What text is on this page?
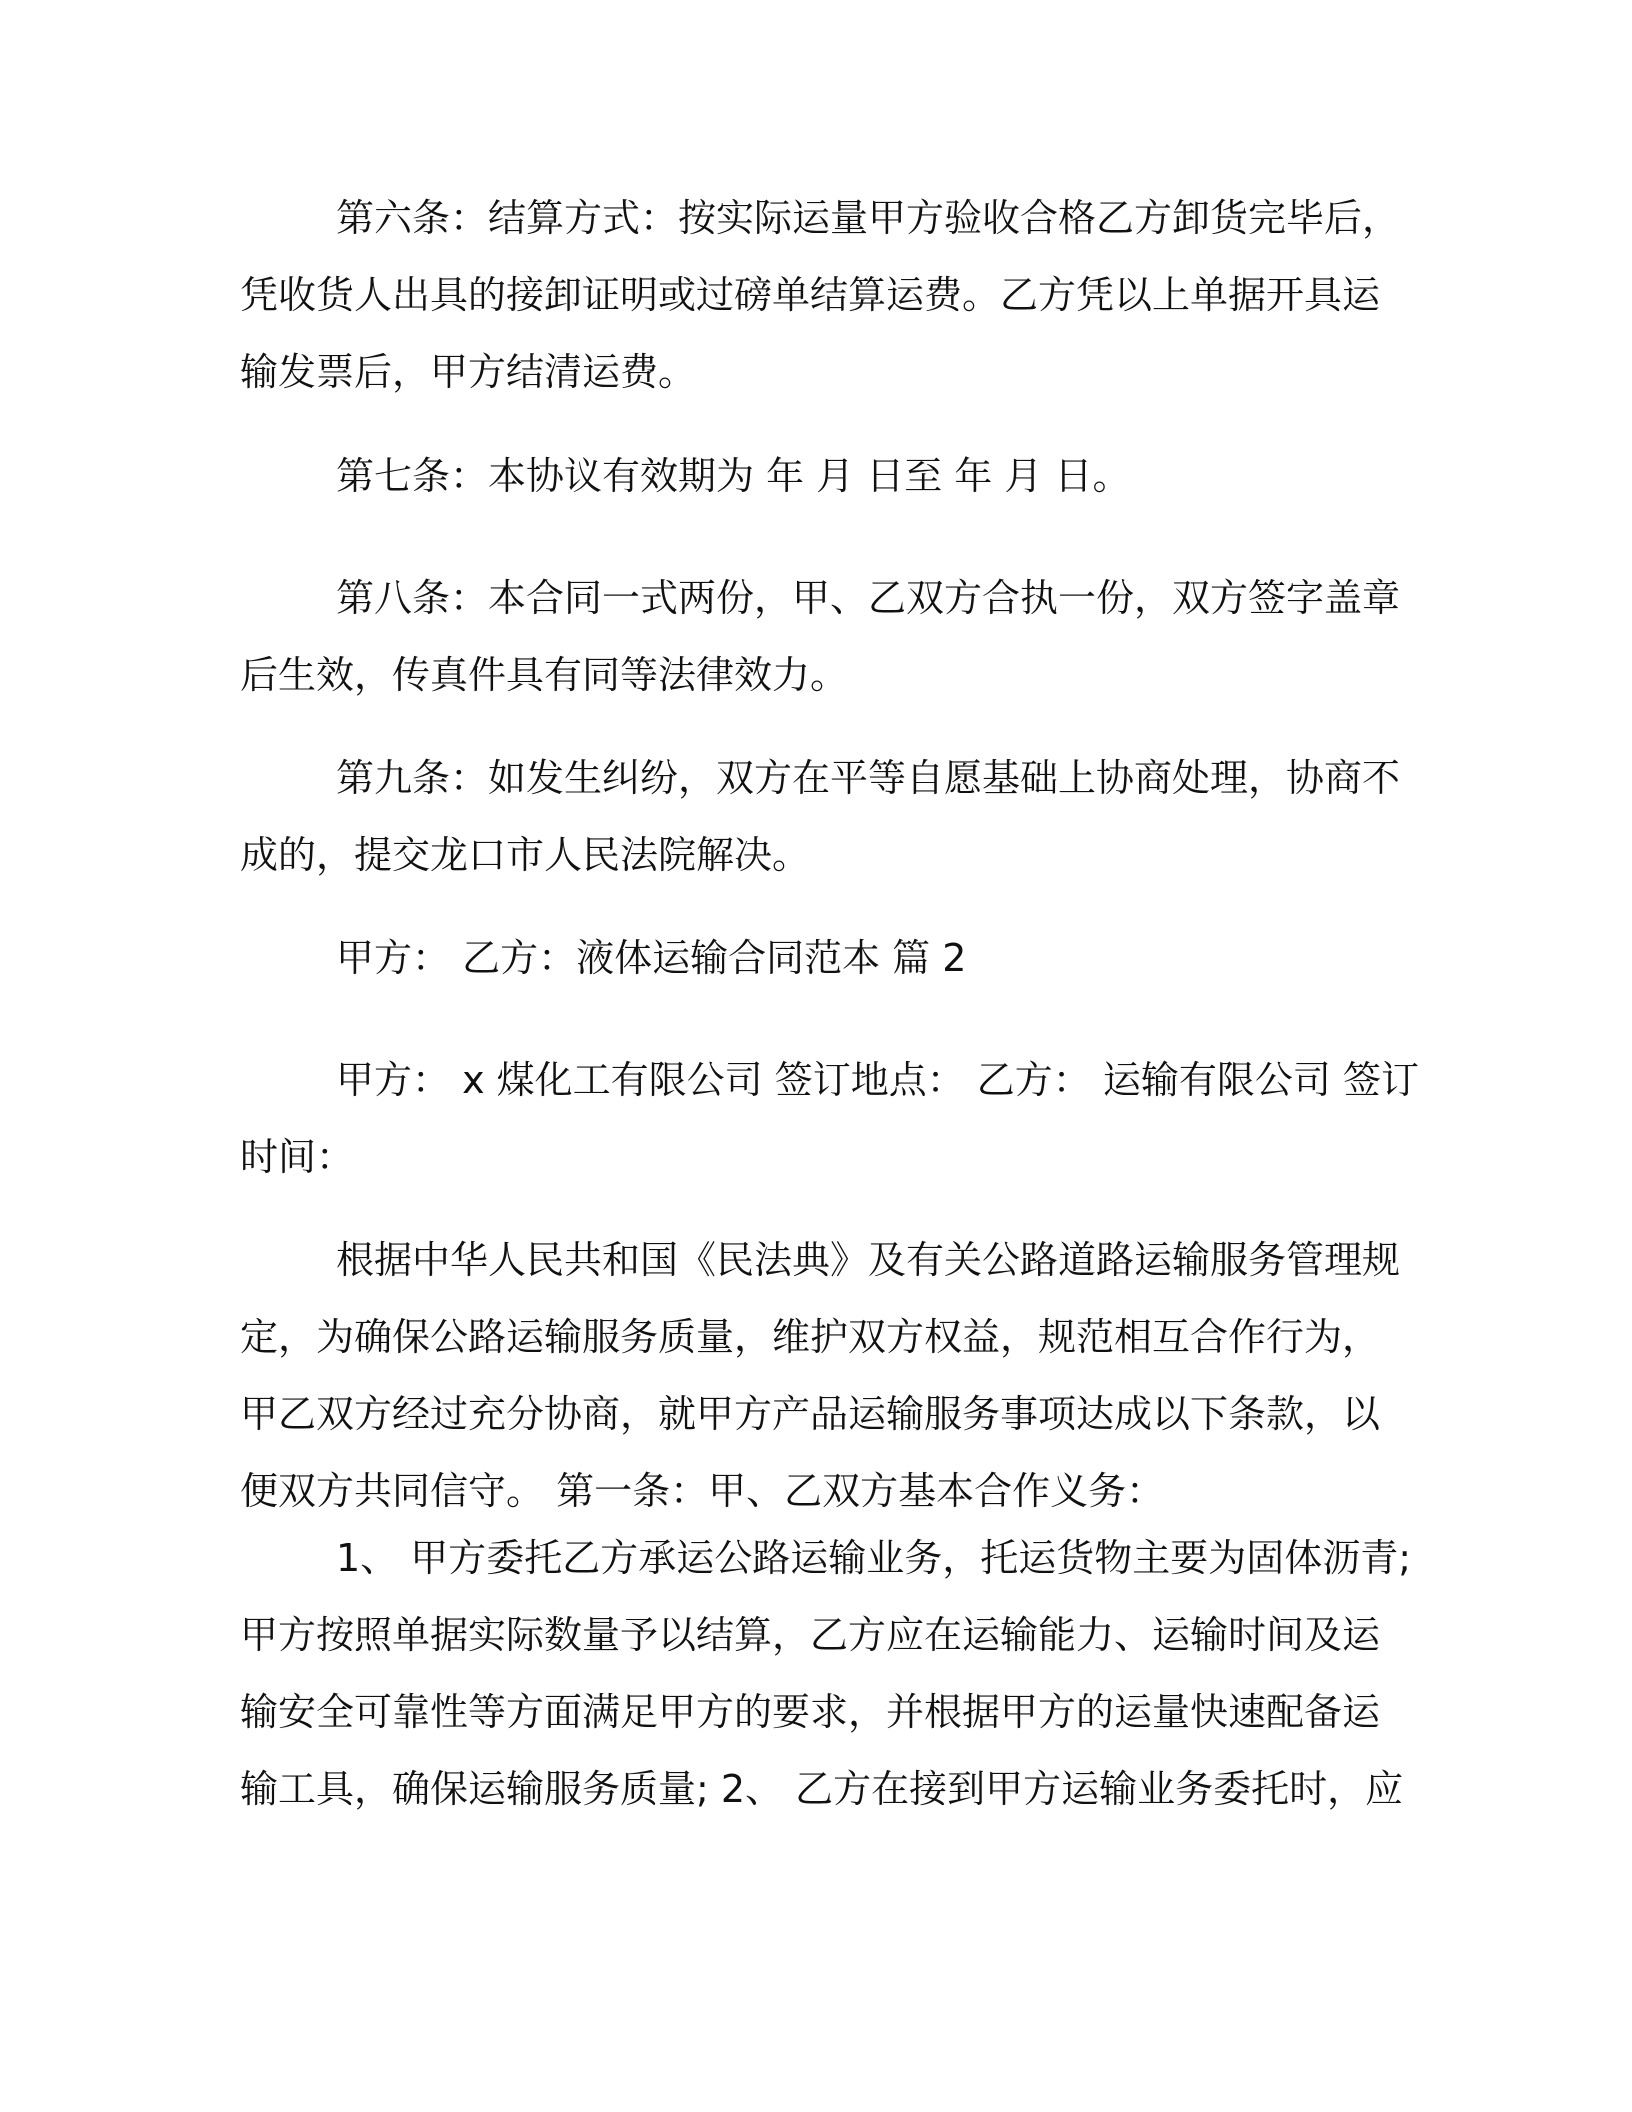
第六条：结算方式：按实际运量甲方验收合格乙方卸货完毕后，
凭收货人出具的接卸证明或过磅单结算运费。乙方凭以上单据开具运
输发票后，甲方结清运费。
第七条：本协议有效期为 年 月 日至 年 月 日。
第八条：本合同一式两份，甲、乙双方合执一份，双方签字盖章
后生效，传真件具有同等法律效力。
第九条：如发生纠纷，双方在平等自愿基础上协商处理，协商不
成的，提交龙口市人民法院解决。
甲方： 乙方：液体运输合同范本 篇 2
甲方： x 煤化工有限公司 签订地点： 乙方： 运输有限公司 签订
时间：
根据中华人民共和国《民法典》及有关公路道路运输服务管理规
定，为确保公路运输服务质量，维护双方权益，规范相互合作行为，
甲乙双方经过充分协商，就甲方产品运输服务事项达成以下条款，以
便双方共同信守。 第一条：甲、乙双方基本合作义务：
1、 甲方委托乙方承运公路运输业务，托运货物主要为固体沥青;
甲方按照单据实际数量予以结算，乙方应在运输能力、运输时间及运
输安全可靠性等方面满足甲方的要求，并根据甲方的运量快速配备运
输工具，确保运输服务质量; 2、 乙方在接到甲方运输业务委托时，应
